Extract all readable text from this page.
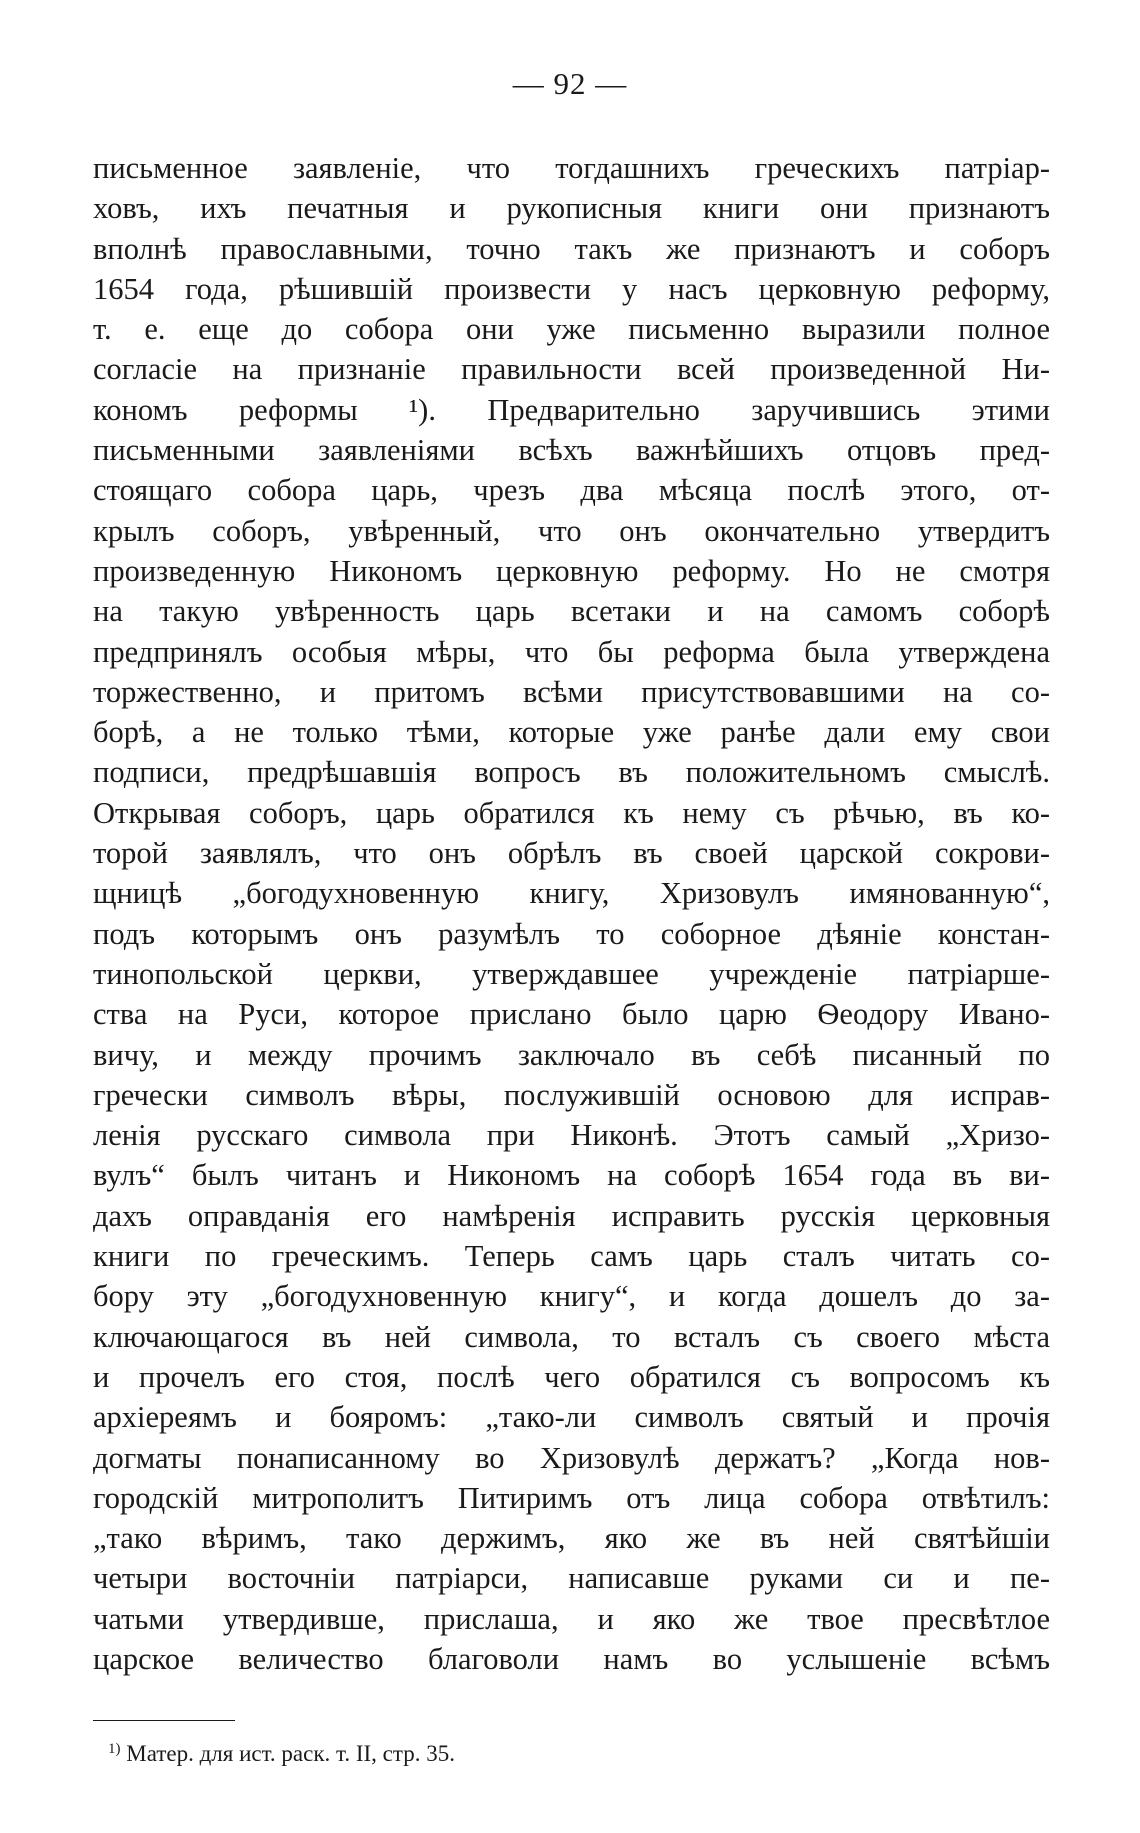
— 92 —
письменное заявленіе, что тогдашнихъ греческихъ патріар-
ховъ, ихъ печатныя и рукописныя книги они признаютъ
вполнѣ православными, точно такъ же признаютъ и соборъ
1654 года, рѣшившій произвести у насъ церковную реформу,
т. е. еще до собора они уже письменно выразили полное
согласіе на признаніе правильности всей произведенной Ни-
кономъ реформы ¹). Предварительно заручившись этими
письменными заявленіями всѣхъ важнѣйшихъ отцовъ пред-
стоящаго собора царь, чрезъ два мѣсяца послѣ этого, от-
крылъ соборъ, увѣренный, что онъ окончательно утвердитъ
произведенную Никономъ церковную реформу. Но не смотря
на такую увѣренность царь всетаки и на самомъ соборѣ
предпринялъ особыя мѣры, что бы реформа была утверждена
торжественно, и притомъ всѣми присутствовавшими на со-
борѣ, а не только тѣми, которые уже ранѣе дали ему свои
подписи, предрѣшавшія вопросъ въ положительномъ смыслѣ.
Открывая соборъ, царь обратился къ нему съ рѣчью, въ ко-
торой заявлялъ, что онъ обрѣлъ въ своей царской сокрови-
щницѣ „богодухновенную книгу, Хризовулъ имянованную“,
подъ которымъ онъ разумѣлъ то соборное дѣяніе констан-
тинопольской церкви, утверждавшее учрежденіе патріарше-
ства на Руси, которое прислано было царю Ѳеодору Ивано-
вичу, и между прочимъ заключало въ себѣ писанный по
гречески символъ вѣры, послужившій основою для исправ-
ленія русскаго символа при Никонѣ. Этотъ самый „Хризо-
вулъ“ былъ читанъ и Никономъ на соборѣ 1654 года въ ви-
дахъ оправданія его намѣренія исправить русскія церковныя
книги по греческимъ. Теперь самъ царь сталъ читать со-
бору эту „богодухновенную книгу“, и когда дошелъ до за-
ключающагося въ ней символа, то всталъ съ своего мѣста
и прочелъ его стоя, послѣ чего обратился съ вопросомъ къ
архіереямъ и бояромъ: „тако-ли символъ святый и прочія
догматы понаписанному во Хризовулѣ держатъ? „Когда нов-
городскій митрополитъ Питиримъ отъ лица собора отвѣтилъ:
„тако вѣримъ, тако держимъ, яко же въ ней святѣйшіи
четыри восточніи патріарси, написавше руками си и пе-
чатьми утвердивше, прислаша, и яко же твое пресвѣтлое
царское величество благоволи намъ во услышеніе всѣмъ
$^{1)}$ Матер. для ист. раск. т. II, стр. 35.
